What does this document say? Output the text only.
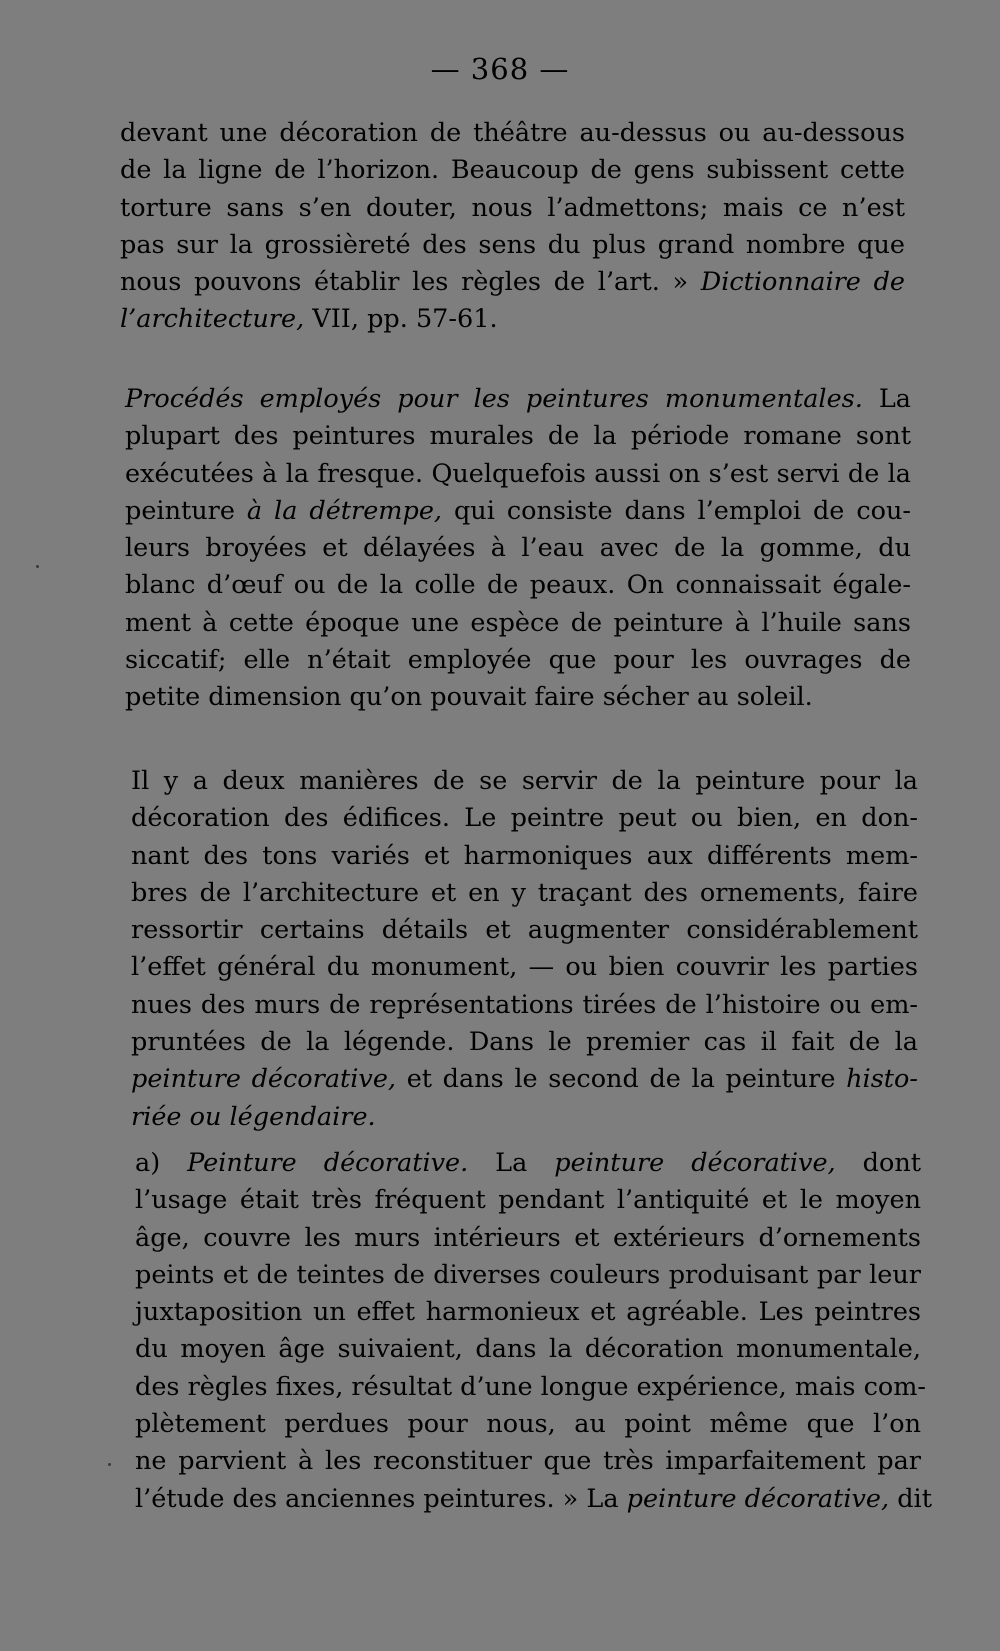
— 368 —
devant une décoration de théâtre au-dessus ou au-dessous
de la ligne de l’horizon. Beaucoup de gens subissent cette
torture sans s’en douter, nous l’admettons; mais ce n’est
pas sur la grossièreté des sens du plus grand nombre que
nous pouvons établir les règles de l’art. » Dictionnaire de
l’architecture, VII, pp. 57-61.
Procédés employés pour les peintures monumentales. La
plupart des peintures murales de la période romane sont
exécutées à la fresque. Quelquefois aussi on s’est servi de la
peinture à la détrempe, qui consiste dans l’emploi de cou-
leurs broyées et délayées à l’eau avec de la gomme, du
blanc d’œuf ou de la colle de peaux. On connaissait égale-
ment à cette époque une espèce de peinture à l’huile sans
siccatif; elle n’était employée que pour les ouvrages de
petite dimension qu’on pouvait faire sécher au soleil.
Il y a deux manières de se servir de la peinture pour la
décoration des édifices. Le peintre peut ou bien, en don-
nant des tons variés et harmoniques aux différents mem-
bres de l’architecture et en y traçant des ornements, faire
ressortir certains détails et augmenter considérablement
l’effet général du monument, — ou bien couvrir les parties
nues des murs de représentations tirées de l’histoire ou em-
pruntées de la légende. Dans le premier cas il fait de la
peinture décorative, et dans le second de la peinture histo-
riée ou légendaire.
a) Peinture décorative. La peinture décorative, dont
l’usage était très fréquent pendant l’antiquité et le moyen
âge, couvre les murs intérieurs et extérieurs d’ornements
peints et de teintes de diverses couleurs produisant par leur
juxtaposition un effet harmonieux et agréable. Les peintres
du moyen âge suivaient, dans la décoration monumentale,
des règles fixes, résultat d’une longue expérience, mais com-
plètement perdues pour nous, au point même que l’on
ne parvient à les reconstituer que très imparfaitement par
l’étude des anciennes peintures. » La peinture décorative, dit
